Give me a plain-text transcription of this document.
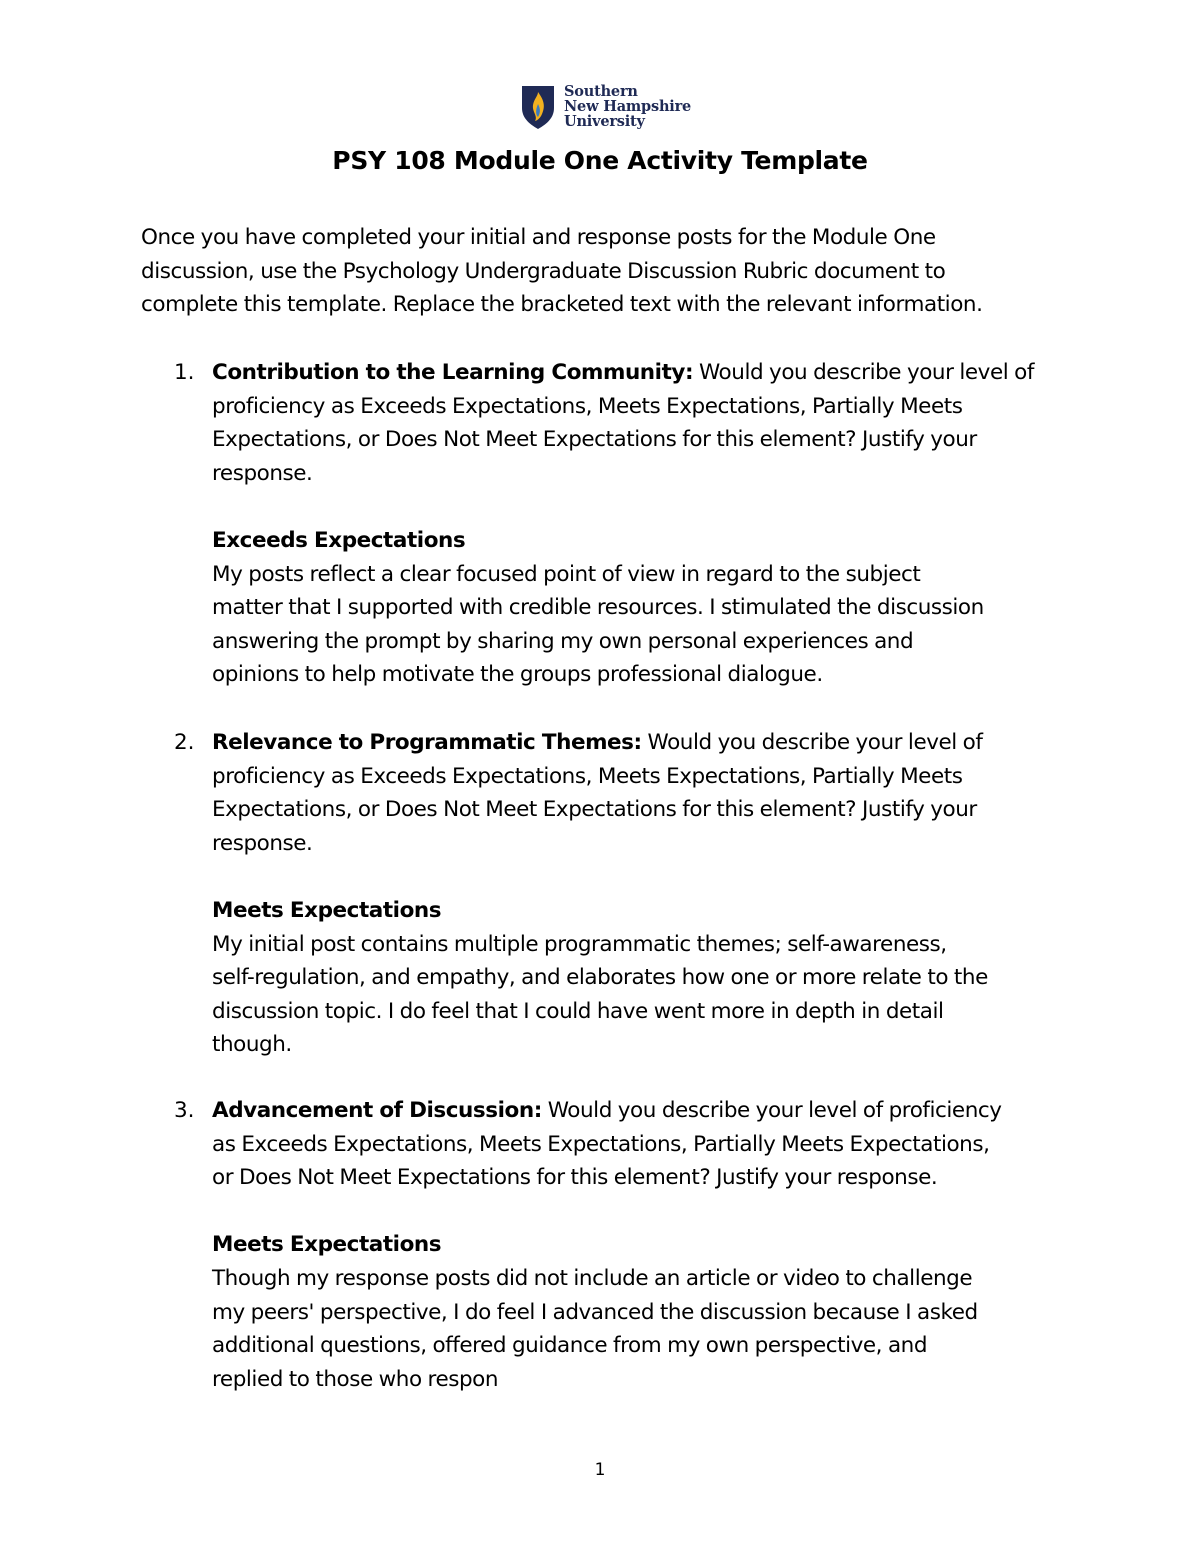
Southern
New Hampshire
University
PSY 108 Module One Activity Template
Once you have completed your initial and response posts for the Module One
discussion, use the Psychology Undergraduate Discussion Rubric document to
complete this template. Replace the bracketed text with the relevant information.
1. Contribution to the Learning Community: Would you describe your level of
proficiency as Exceeds Expectations, Meets Expectations, Partially Meets
Expectations, or Does Not Meet Expectations for this element? Justify your
response.
Exceeds Expectations
My posts reflect a clear focused point of view in regard to the subject
matter that I supported with credible resources. I stimulated the discussion
answering the prompt by sharing my own personal experiences and
opinions to help motivate the groups professional dialogue.
2. Relevance to Programmatic Themes: Would you describe your level of
proficiency as Exceeds Expectations, Meets Expectations, Partially Meets
Expectations, or Does Not Meet Expectations for this element? Justify your
response.
Meets Expectations
My initial post contains multiple programmatic themes; self-awareness,
self-regulation, and empathy, and elaborates how one or more relate to the
discussion topic. I do feel that I could have went more in depth in detail
though.
3. Advancement of Discussion: Would you describe your level of proficiency
as Exceeds Expectations, Meets Expectations, Partially Meets Expectations,
or Does Not Meet Expectations for this element? Justify your response.
Meets Expectations
Though my response posts did not include an article or video to challenge
my peers' perspective, I do feel I advanced the discussion because I asked
additional questions, offered guidance from my own perspective, and
replied to those who respon
1
